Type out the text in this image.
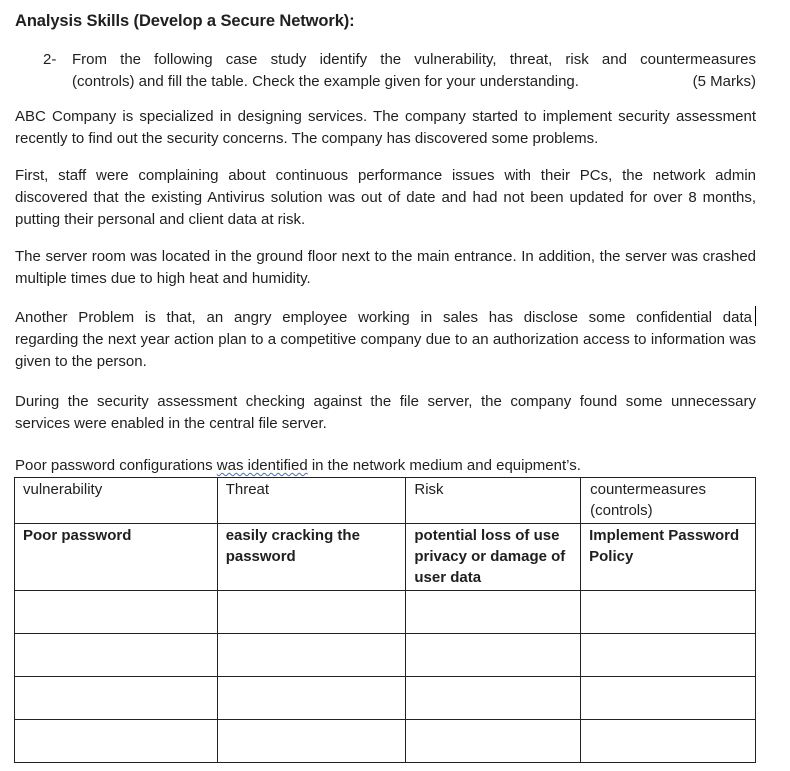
Analysis Skills (Develop a Secure Network):
2- From the following case study identify the vulnerability, threat, risk and countermeasures
(controls) and fill the table. Check the example given for your understanding.	(5 Marks)
ABC Company is specialized in designing services. The company started to implement security assessment recently to find out the security concerns. The company has discovered some problems.
First, staff were complaining about continuous performance issues with their PCs, the network admin discovered that the existing Antivirus solution was out of date and had not been updated for over 8 months, putting their personal and client data at risk.
The server room was located in the ground floor next to the main entrance. In addition, the server was crashed multiple times due to high heat and humidity.
Another Problem is that, an angry employee working in sales has disclose some confidential data
regarding the next year action plan to a competitive company due to an authorization access to information was given to the person.
During the security assessment checking against the file server, the company found some unnecessary services were enabled in the central file server.
Poor password configurations was identified in the network medium and equipment’s.
vulnerability	Threat	Risk	countermeasures (controls)
Poor password	easily cracking the password	potential loss of use privacy or damage of user data	Implement Password Policy
